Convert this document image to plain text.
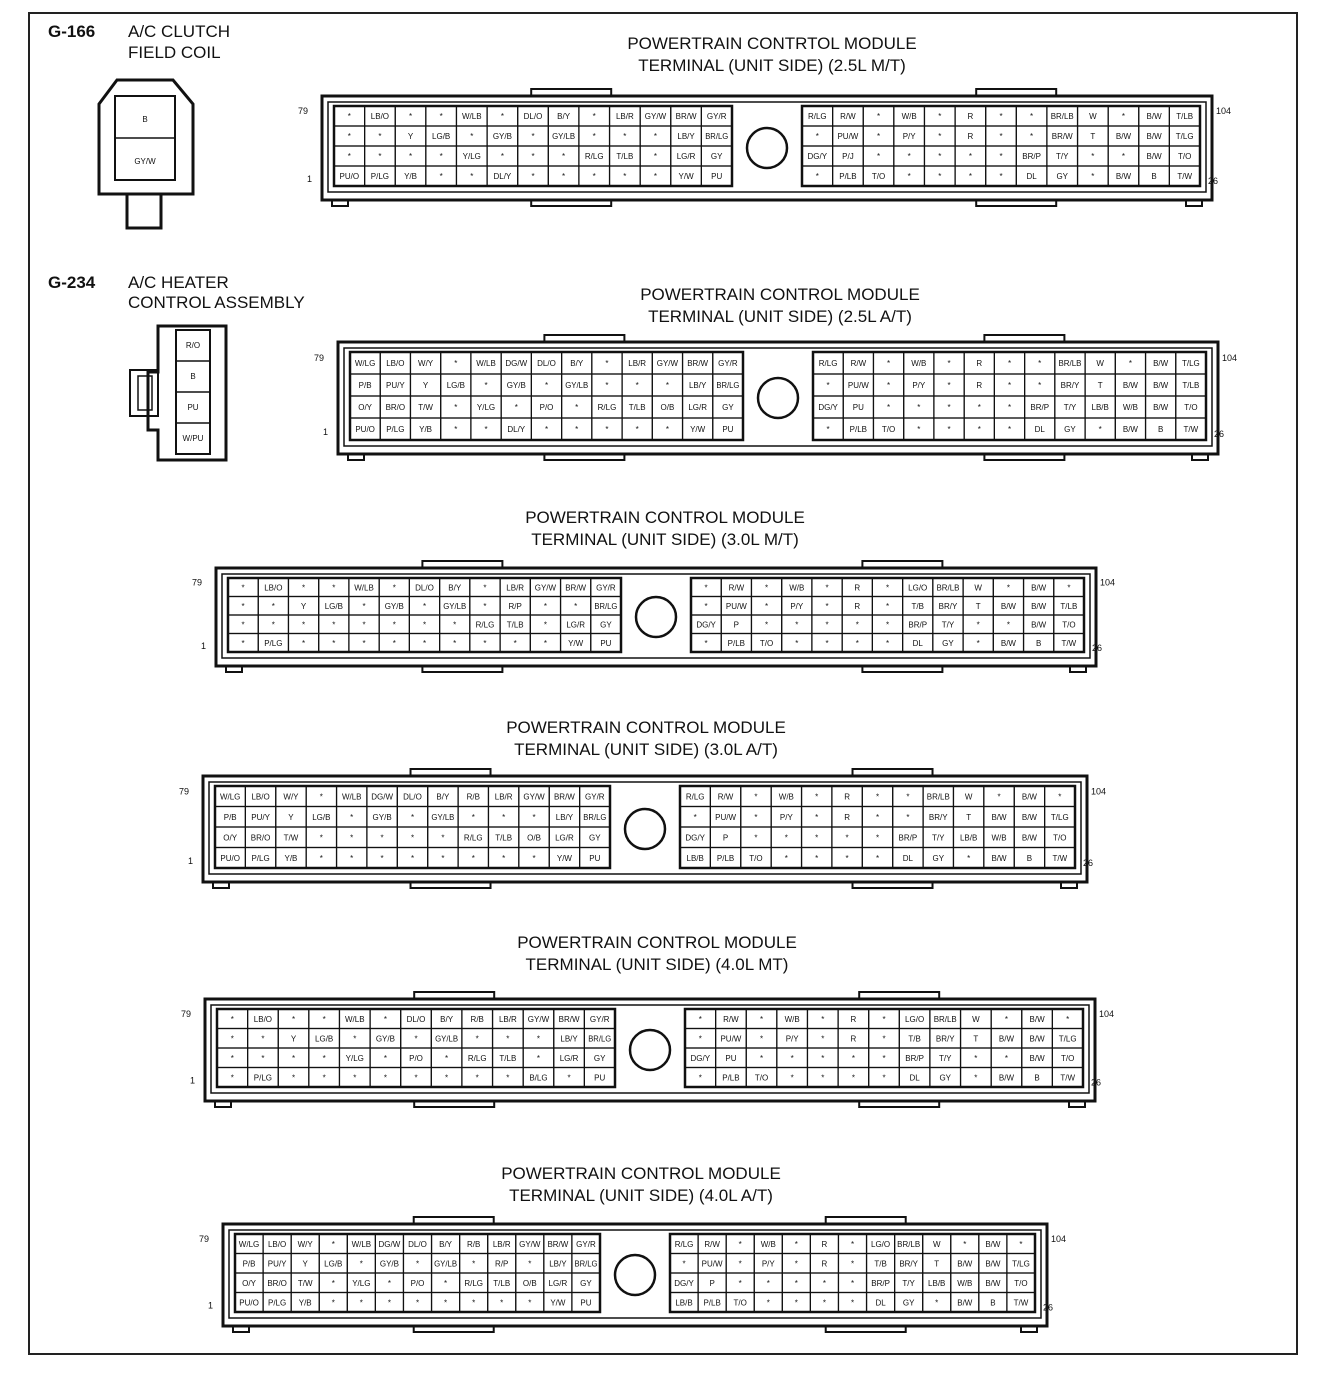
G-166 A/C CLUTCH
FIELD COIL
B
GY/W
G-234 A/C HEATER
CONTROL ASSEMBLY
R/O
B
PU
W/PU
POWERTRAIN CONTRTOL MODULE
TERMINAL (UNIT SIDE) (2.5L M/T)
* LB/O *	* W/LB * DL/O B/Y	*	LB/R GY/W BR/W GY/R
*	*	Y LG/B * GY/B * GY/LB *	*	*	LB/Y BR/LG
*	*	*	* Y/LG *	*	* R/LG T/LB	* LG/R GY
PU/O P/LG Y/B	*	*	DL/Y	*	*	*	*	*	Y/W PU
R/LG R/W	*	W/B	*	R	*	* BR/LB W	*	B/W T/LB
* PU/W *	P/Y	*	R	*	* BR/W T	B/W B/W T/LG
DG/Y P/J	*	*	*	*	* BR/P T/Y	*	*	B/W T/O
*	P/LB T/O	*	*	*	*	DL GY	*	B/W	B	T/W
79
1
104
26
POWERTRAIN CONTROL MODULE
TERMINAL (UNIT SIDE) (2.5L A/T)
W/LG LB/O W/Y	* W/LB DG/W DL/O B/Y	* LB/R GY/W BR/W GY/R
P/B PU/Y Y LG/B * GY/B * GY/LB *	*	* LB/Y BR/LG
O/Y BR/O T/W	* Y/LG *	P/O	* R/LG T/LB O/B LG/R GY
PU/O P/LG Y/B	*	* DL/Y *	*	*	*	*	Y/W PU
R/LG R/W	*	W/B	*	R	*	* BR/LB W	*	B/W T/LG
* PU/W *	P/Y	*	R	*	* BR/Y T	B/W B/W T/LB
DG/Y PU	*	*	*	*	* BR/P T/Y LB/B W/B B/W T/O
* P/LB T/O	*	*	*	*	DL GY	*	B/W	B	T/W
79
1
104
26
POWERTRAIN CONTROL MODULE
TERMINAL (UNIT SIDE) (3.0L M/T)
* LB/O *	* W/LB * DL/O B/Y	* LB/R GY/W BR/W GY/R
*	*	Y LG/B * GY/B * GY/LB *	R/P	*	* BR/LG
*	*	*	*	*	*	*	* R/LG T/LB	* LG/R GY
* P/LG *	*	*	*	*	*	*	*	*	Y/W PU
*	R/W	*	W/B	*	R	* LG/O BR/LB W	*	B/W	*
* PU/W *	P/Y	*	R	*	T/B BR/Y T	B/W B/W T/LB
DG/Y P	*	*	*	*	* BR/P T/Y	*	*	B/W T/O
* P/LB T/O	*	*	*	*	DL GY	*	B/W	B	T/W
79
1
104
26
POWERTRAIN CONTROL MODULE
TERMINAL (UNIT SIDE) (3.0L A/T)
W/LG LB/O W/Y	* W/LB DG/W DL/O B/Y R/B LB/R GY/W BR/W GY/R
P/B PU/Y Y LG/B * GY/B * GY/LB *	*	*	LB/Y BR/LG
O/Y BR/O T/W	*	*	*	*	* R/LG T/LB O/B LG/R GY
PU/O P/LG Y/B	*	*	*	*	*	*	*	*	Y/W PU
R/LG R/W	*	W/B	*	R	*	* BR/LB W	*	B/W	*
* PU/W *	P/Y	*	R	*	* BR/Y T	B/W B/W T/LG
DG/Y P	*	*	*	*	* BR/P T/Y LB/B W/B B/W T/O
LB/B P/LB T/O	*	*	*	*	DL GY	*	B/W	B	T/W
79
1
104
26
POWERTRAIN CONTROL MODULE
TERMINAL (UNIT SIDE) (4.0L MT)
* LB/O *	* W/LB * DL/O B/Y R/B LB/R GY/W BR/W GY/R
*	*	Y LG/B * GY/B * GY/LB *	*	*	LB/Y BR/LG
*	*	*	* Y/LG *	P/O	* R/LG T/LB	* LG/R GY
* P/LG *	*	*	*	*	*	*	* B/LG *	PU
*	R/W	*	W/B	*	R	* LG/O BR/LB W	*	B/W	*
* PU/W *	P/Y	*	R	*	T/B BR/Y T	B/W B/W T/LG
DG/Y PU	*	*	*	*	* BR/P T/Y	*	*	B/W T/O
*	P/LB T/O	*	*	*	*	DL GY	*	B/W	B	T/W
79
1
104
26
POWERTRAIN CONTROL MODULE
TERMINAL (UNIT SIDE) (4.0L A/T)
W/LG LB/O W/Y * W/LB DG/W DL/O B/Y R/B LB/R GY/W BR/W GY/R
P/B PU/Y Y LG/B * GY/B * GY/LB * R/P * LB/Y BR/LG
O/Y BR/O T/W * Y/LG * P/O * R/LG T/LB O/B LG/R GY
PU/O P/LG Y/B	*	*	*	*	*	*	*	* Y/W PU
R/LG R/W * W/B *	R	* LG/O BR/LB W	* B/W *
* PU/W *	P/Y	*	R	*	T/B BR/Y T B/W B/W T/LG
DG/Y P	*	*	*	*	* BR/P T/Y LB/B W/B B/W T/O
LB/B P/LB T/O *	*	*	*	DL GY	* B/W B T/W
79
1
104
26
